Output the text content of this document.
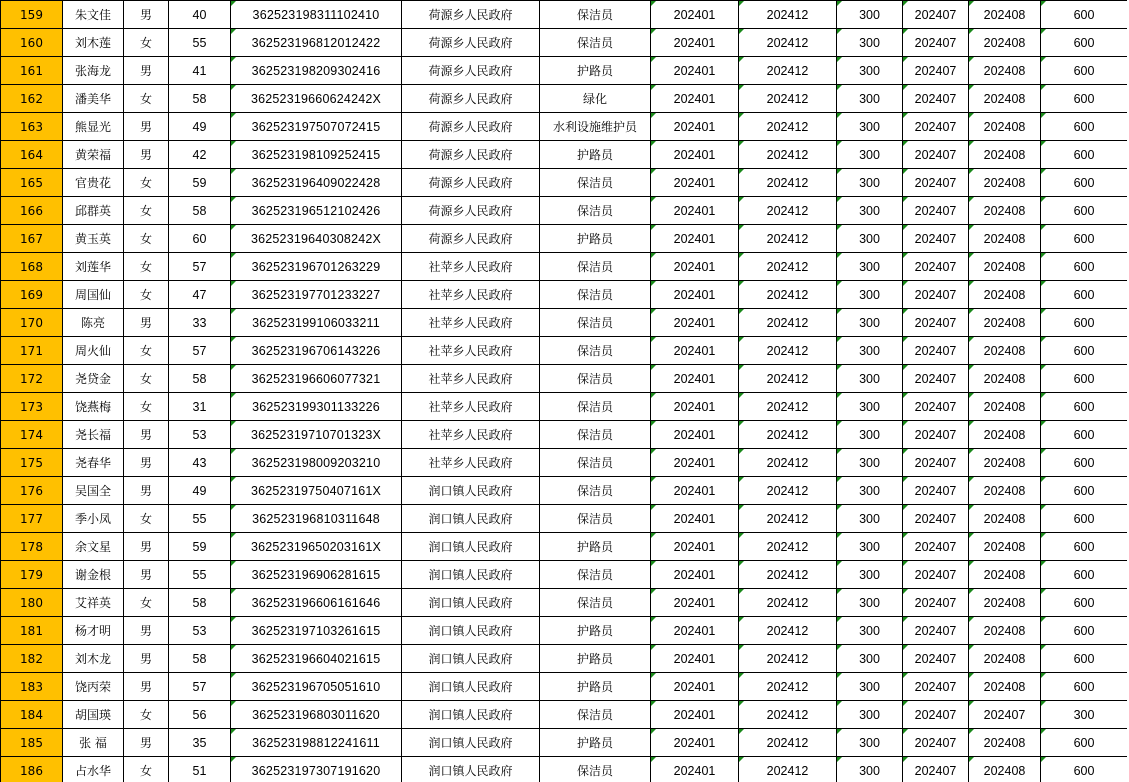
159	朱文佳	男	40	362523198311102410	荷源乡人民政府	保洁员	202401	202412	300	202407	202408	600
160	刘木莲	女	55	362523196812012422	荷源乡人民政府	保洁员	202401	202412	300	202407	202408	600
161	张海龙	男	41	362523198209302416	荷源乡人民政府	护路员	202401	202412	300	202407	202408	600
162	潘美华	女	58	36252319660624242X	荷源乡人民政府	绿化	202401	202412	300	202407	202408	600
163	熊显光	男	49	362523197507072415	荷源乡人民政府	水利设施维护员	202401	202412	300	202407	202408	600
164	黄荣福	男	42	362523198109252415	荷源乡人民政府	护路员	202401	202412	300	202407	202408	600
165	官贵花	女	59	362523196409022428	荷源乡人民政府	保洁员	202401	202412	300	202407	202408	600
166	邱群英	女	58	362523196512102426	荷源乡人民政府	保洁员	202401	202412	300	202407	202408	600
167	黄玉英	女	60	36252319640308242X	荷源乡人民政府	护路员	202401	202412	300	202407	202408	600
168	刘莲华	女	57	362523196701263229	社苹乡人民政府	保洁员	202401	202412	300	202407	202408	600
169	周国仙	女	47	362523197701233227	社苹乡人民政府	保洁员	202401	202412	300	202407	202408	600
170	陈亮	男	33	362523199106033211	社苹乡人民政府	保洁员	202401	202412	300	202407	202408	600
171	周火仙	女	57	362523196706143226	社苹乡人民政府	保洁员	202401	202412	300	202407	202408	600
172	尧贷金	女	58	362523196606077321	社苹乡人民政府	保洁员	202401	202412	300	202407	202408	600
173	饶燕梅	女	31	362523199301133226	社苹乡人民政府	保洁员	202401	202412	300	202407	202408	600
174	尧长福	男	53	36252319710701323X	社苹乡人民政府	保洁员	202401	202412	300	202407	202408	600
175	尧春华	男	43	362523198009203210	社苹乡人民政府	保洁员	202401	202412	300	202407	202408	600
176	吴国全	男	49	36252319750407161X	润口镇人民政府	保洁员	202401	202412	300	202407	202408	600
177	季小凤	女	55	362523196810311648	润口镇人民政府	保洁员	202401	202412	300	202407	202408	600
178	余文星	男	59	36252319650203161X	润口镇人民政府	护路员	202401	202412	300	202407	202408	600
179	谢金根	男	55	362523196906281615	润口镇人民政府	保洁员	202401	202412	300	202407	202408	600
180	艾祥英	女	58	362523196606161646	润口镇人民政府	保洁员	202401	202412	300	202407	202408	600
181	杨才明	男	53	362523197103261615	润口镇人民政府	护路员	202401	202412	300	202407	202408	600
182	刘木龙	男	58	362523196604021615	润口镇人民政府	护路员	202401	202412	300	202407	202408	600
183	饶丙荣	男	57	362523196705051610	润口镇人民政府	护路员	202401	202412	300	202407	202408	600
184	胡国瑛	女	56	362523196803011620	润口镇人民政府	保洁员	202401	202412	300	202407	202407	300
185	张 福	男	35	362523198812241611	润口镇人民政府	护路员	202401	202412	300	202407	202408	600
186	占水华	女	51	362523197307191620	润口镇人民政府	保洁员	202401	202412	300	202407	202408	600
